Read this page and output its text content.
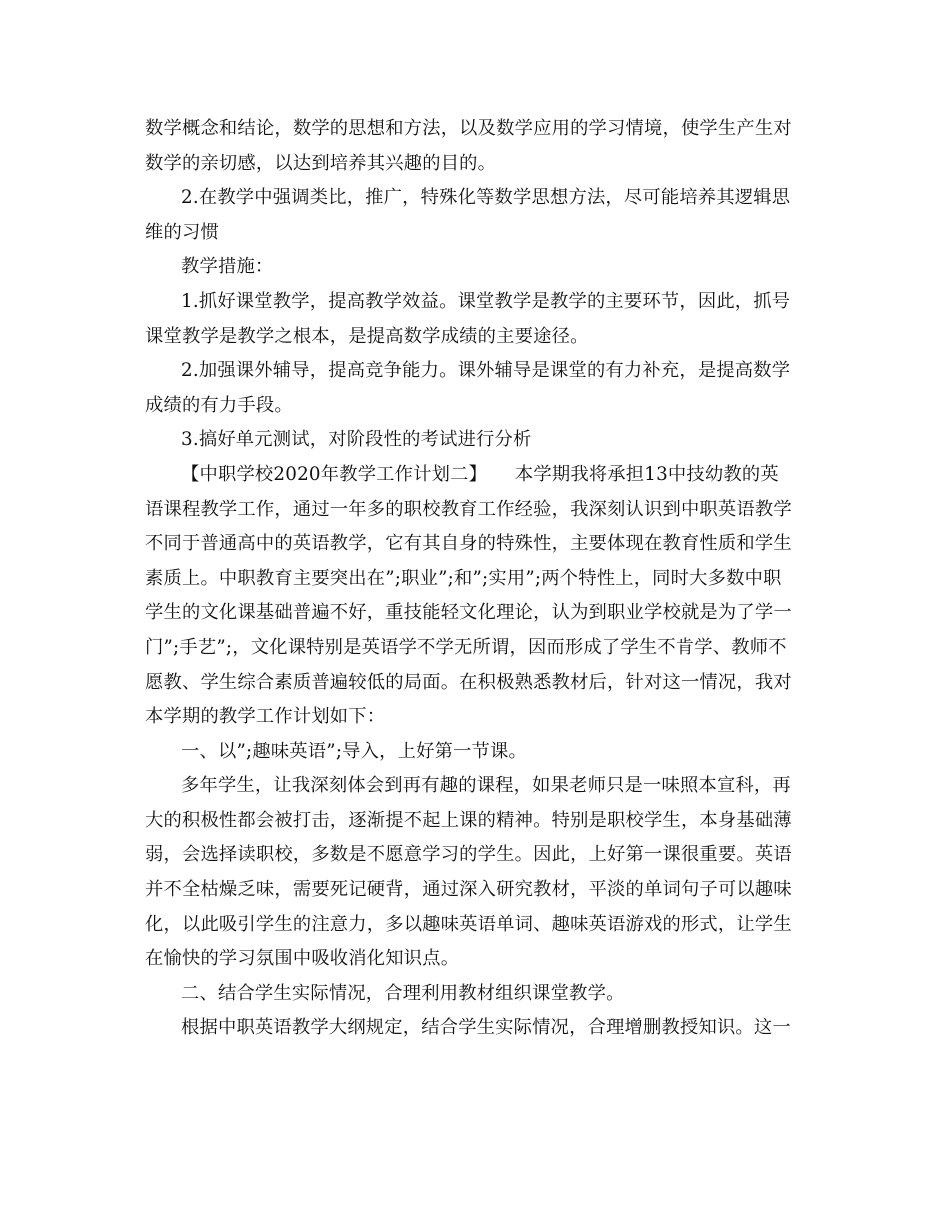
数学概念和结论，数学的思想和方法，以及数学应用的学习情境，使学生产生对

数学的亲切感，以达到培养其兴趣的目的。

2.在教学中强调类比，推广，特殊化等数学思想方法，尽可能培养其逻辑思

维的习惯

教学措施：

1.抓好课堂教学，提高教学效益。课堂教学是教学的主要环节，因此，抓号

课堂教学是教学之根本，是提高数学成绩的主要途径。

2.加强课外辅导，提高竞争能力。课外辅导是课堂的有力补充，是提高数学

成绩的有力手段。

3.搞好单元测试，对阶段性的考试进行分析

【中职学校2020年教学工作计划二】　　本学期我将承担13中技幼教的英

语课程教学工作，通过一年多的职校教育工作经验，我深刻认识到中职英语教学

不同于普通高中的英语教学，它有其自身的特殊性，主要体现在教育性质和学生

素质上。中职教育主要突出在”;职业”;和”;实用”;两个特性上，同时大多数中职

学生的文化课基础普遍不好，重技能轻文化理论，认为到职业学校就是为了学一

门”;手艺”;，文化课特别是英语学不学无所谓，因而形成了学生不肯学、教师不

愿教、学生综合素质普遍较低的局面。在积极熟悉教材后，针对这一情况，我对

本学期的教学工作计划如下：

一、以”;趣味英语”;导入，上好第一节课。

多年学生，让我深刻体会到再有趣的课程，如果老师只是一味照本宣科，再

大的积极性都会被打击，逐渐提不起上课的精神。特别是职校学生，本身基础薄

弱，会选择读职校，多数是不愿意学习的学生。因此，上好第一课很重要。英语

并不全枯燥乏味，需要死记硬背，通过深入研究教材，平淡的单词句子可以趣味

化，以此吸引学生的注意力，多以趣味英语单词、趣味英语游戏的形式，让学生

在愉快的学习氛围中吸收消化知识点。

二、结合学生实际情况，合理利用教材组织课堂教学。

根据中职英语教学大纲规定，结合学生实际情况，合理增删教授知识。这一
